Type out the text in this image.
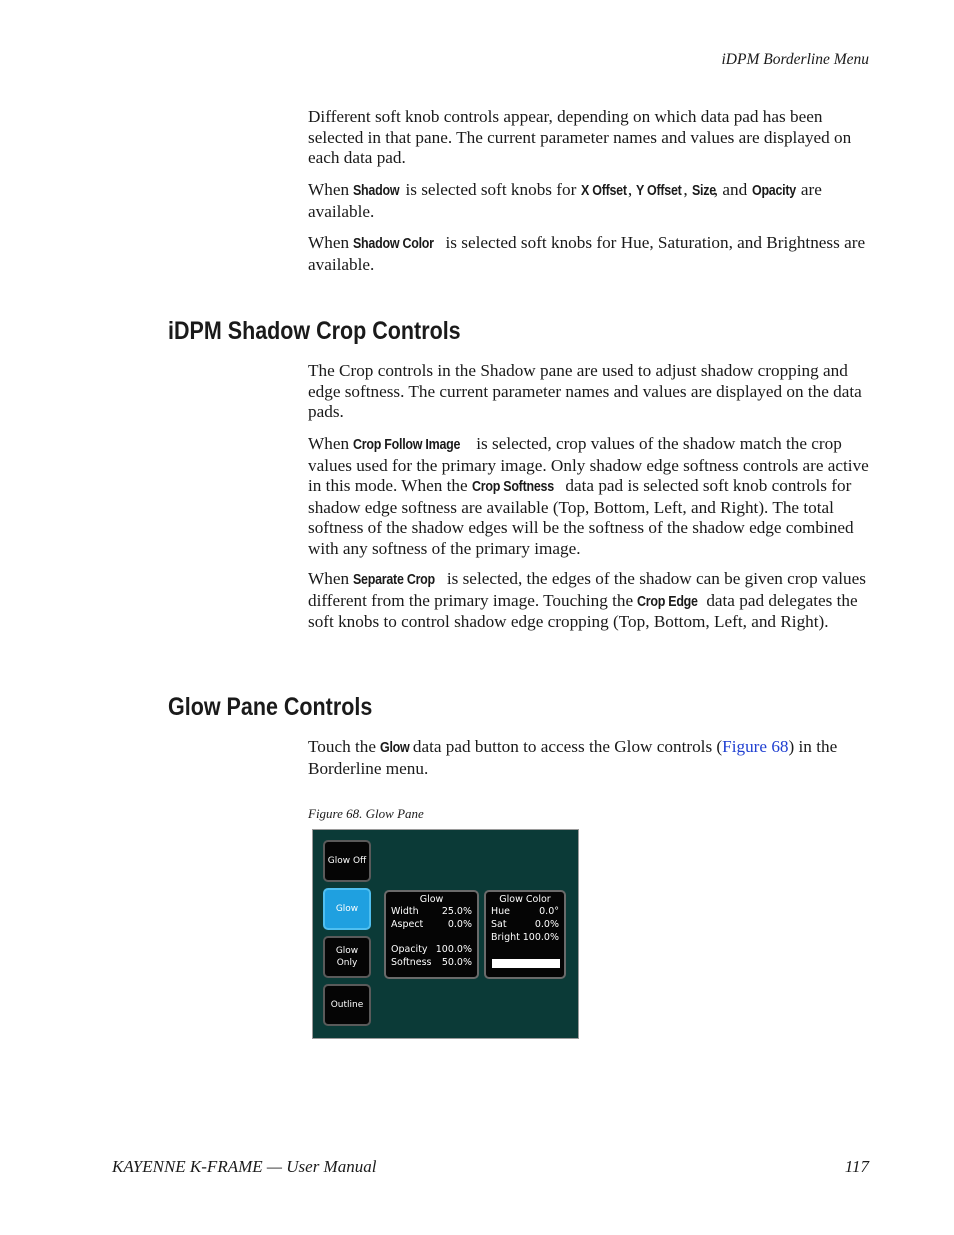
iDPM Borderline Menu

Different soft knob controls appear, depending on which data pad has been selected in that pane. The current parameter names and values are displayed on each data pad.

When Shadow is selected soft knobs for X Offset, Y Offset, Size, and Opacity are available.

When Shadow Color is selected soft knobs for Hue, Saturation, and Brightness are available.

iDPM Shadow Crop Controls

The Crop controls in the Shadow pane are used to adjust shadow cropping and edge softness. The current parameter names and values are displayed on the data pads.

When Crop Follow Image is selected, crop values of the shadow match the crop values used for the primary image. Only shadow edge softness controls are active in this mode. When the Crop Softness data pad is selected soft knob controls for shadow edge softness are available (Top, Bottom, Left, and Right). The total softness of the shadow edges will be the softness of the shadow edge combined with any softness of the primary image.

When Separate Crop is selected, the edges of the shadow can be given crop values different from the primary image. Touching the Crop Edge data pad delegates the soft knobs to control shadow edge cropping (Top, Bottom, Left, and Right).

Glow Pane Controls

Touch the Glow data pad button to access the Glow controls (Figure 68) in the Borderline menu.

Figure 68. Glow Pane
Glow Off
Glow
Glow Only
Outline
Glow
Width 25.0%
Aspect	0.0%
Opacity 100.0%
Softness 50.0%
Glow Color
Hue	0.0°
Sat	0.0%
Bright 100.0%
KAYENNE K-FRAME — User Manual	117
